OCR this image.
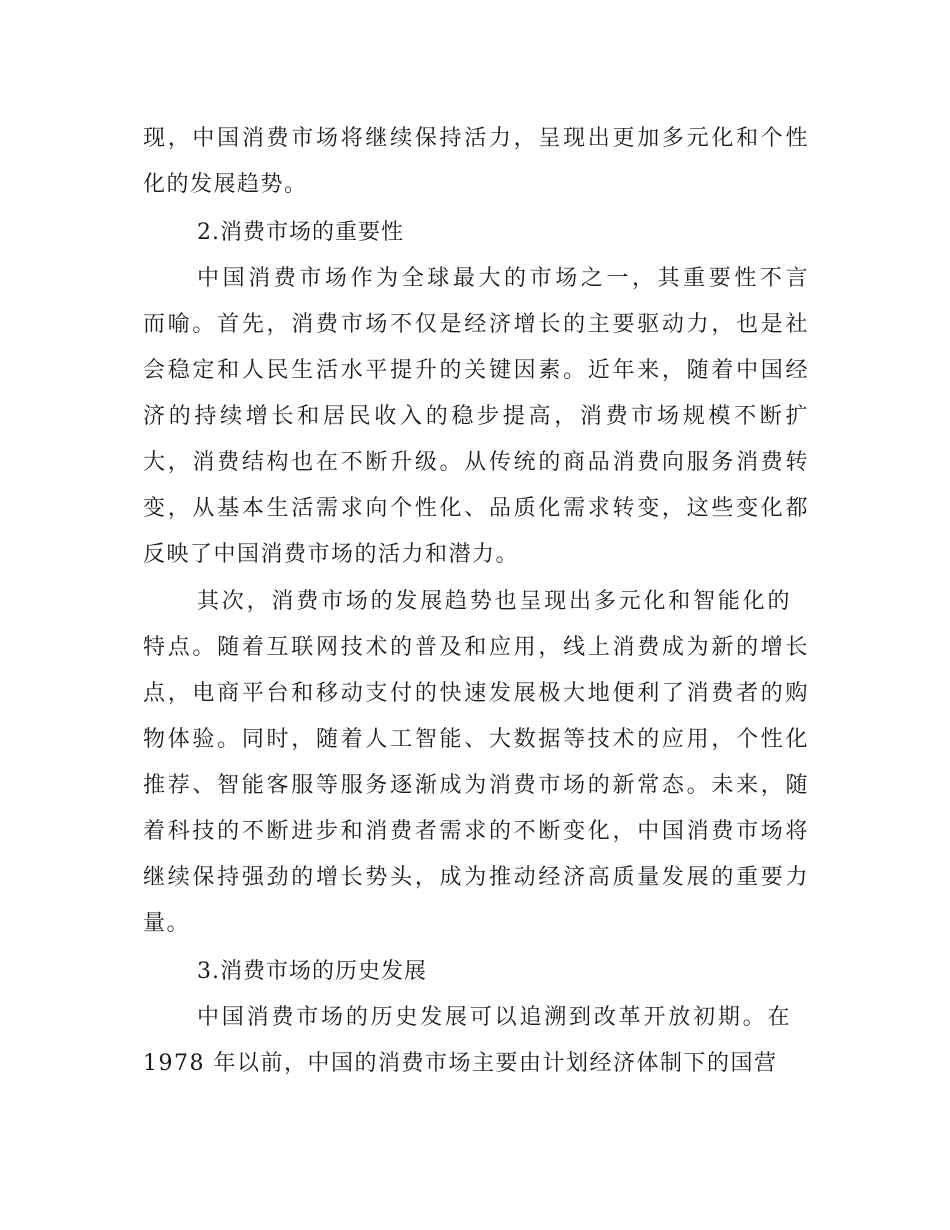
现，中国消费市场将继续保持活力，呈现出更加多元化和个性
化的发展趋势。
2.消费市场的重要性
中国消费市场作为全球最大的市场之一，其重要性不言
而喻。首先，消费市场不仅是经济增长的主要驱动力，也是社
会稳定和人民生活水平提升的关键因素。近年来，随着中国经
济的持续增长和居民收入的稳步提高，消费市场规模不断扩
大，消费结构也在不断升级。从传统的商品消费向服务消费转
变，从基本生活需求向个性化、品质化需求转变，这些变化都
反映了中国消费市场的活力和潜力。
其次，消费市场的发展趋势也呈现出多元化和智能化的
特点。随着互联网技术的普及和应用，线上消费成为新的增长
点，电商平台和移动支付的快速发展极大地便利了消费者的购
物体验。同时，随着人工智能、大数据等技术的应用，个性化
推荐、智能客服等服务逐渐成为消费市场的新常态。未来，随
着科技的不断进步和消费者需求的不断变化，中国消费市场将
继续保持强劲的增长势头，成为推动经济高质量发展的重要力
量。
3.消费市场的历史发展
中国消费市场的历史发展可以追溯到改革开放初期。在
1978 年以前，中国的消费市场主要由计划经济体制下的国营
